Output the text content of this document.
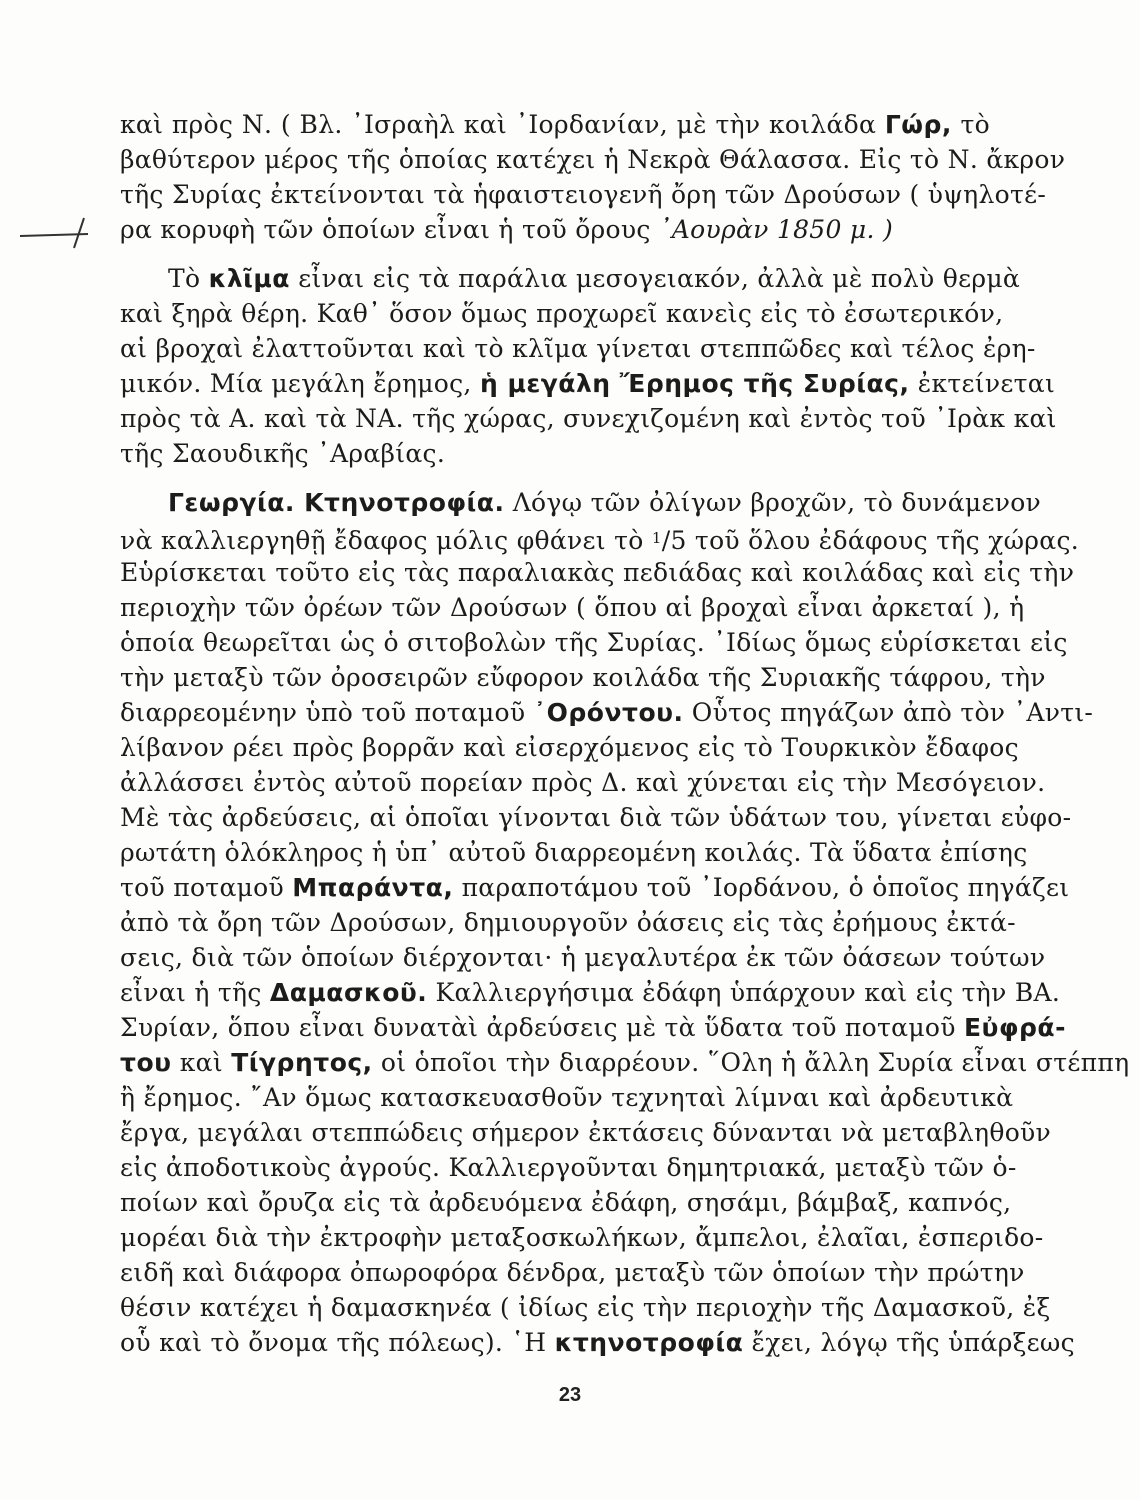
καὶ πρὸς Ν. ( Βλ. ᾽Ισραὴλ καὶ ᾽Ιορδανίαν, μὲ τὴν κοιλάδα Γώρ, τὸ
βαθύτερον μέρος τῆς ὁποίας κατέχει ἡ Νεκρὰ Θάλασσα. Εἰς τὸ Ν. ἄκρον
τῆς Συρίας ἐκτείνονται τὰ ἡφαιστειογενῆ ὄρη τῶν Δρούσων ( ὑψηλοτέ-
ρα κορυφὴ τῶν ὁποίων εἶναι ἡ τοῦ ὄρους ᾽Αουρὰν 1850 μ. )
Τὸ κλῖμα εἶναι εἰς τὰ παράλια μεσογειακόν, ἀλλὰ μὲ πολὺ θερμὰ
καὶ ξηρὰ θέρη. Καθ᾽ ὅσον ὅμως προχωρεῖ κανεὶς εἰς τὸ ἐσωτερικόν,
αἱ βροχαὶ ἐλαττοῦνται καὶ τὸ κλῖμα γίνεται στεππῶδες καὶ τέλος ἐρη-
μικόν. Μία μεγάλη ἔρημος, ἡ μεγάλη Ἔρημος τῆς Συρίας, ἐκτείνεται
πρὸς τὰ Α. καὶ τὰ ΝΑ. τῆς χώρας, συνεχιζομένη καὶ ἐντὸς τοῦ ᾽Ιρὰκ καὶ
τῆς Σαουδικῆς ᾽Αραβίας.
Γεωργία. Κτηνοτροφία. Λόγῳ τῶν ὀλίγων βροχῶν, τὸ δυνάμενον
νὰ καλλιεργηθῇ ἔδαφος μόλις φθάνει τὸ $^1$/5 τοῦ ὅλου ἐδάφους τῆς χώρας.
Εὑρίσκεται τοῦτο εἰς τὰς παραλιακὰς πεδιάδας καὶ κοιλάδας καὶ εἰς τὴν
περιοχὴν τῶν ὀρέων τῶν Δρούσων ( ὅπου αἱ βροχαὶ εἶναι ἀρκεταί ), ἡ
ὁποία θεωρεῖται ὡς ὁ σιτοβολὼν τῆς Συρίας. ᾽Ιδίως ὅμως εὑρίσκεται εἰς
τὴν μεταξὺ τῶν ὀροσειρῶν εὔφορον κοιλάδα τῆς Συριακῆς τάφρου, τὴν
διαρρεομένην ὑπὸ τοῦ ποταμοῦ ᾽Ορόντου. Οὗτος πηγάζων ἀπὸ τὸν ᾽Αντι-
λίβανον ρέει πρὸς βορρᾶν καὶ εἰσερχόμενος εἰς τὸ Τουρκικὸν ἔδαφος
ἀλλάσσει ἐντὸς αὐτοῦ πορείαν πρὸς Δ. καὶ χύνεται εἰς τὴν Μεσόγειον.
Μὲ τὰς ἀρδεύσεις, αἱ ὁποῖαι γίνονται διὰ τῶν ὑδάτων του, γίνεται εὐφο-
ρωτάτη ὁλόκληρος ἡ ὑπ᾽ αὐτοῦ διαρρεομένη κοιλάς. Τὰ ὕδατα ἐπίσης
τοῦ ποταμοῦ Μπαράντα, παραποτάμου τοῦ ᾽Ιορδάνου, ὁ ὁποῖος πηγάζει
ἀπὸ τὰ ὄρη τῶν Δρούσων, δημιουργοῦν ὀάσεις εἰς τὰς ἐρήμους ἐκτά-
σεις, διὰ τῶν ὁποίων διέρχονται· ἡ μεγαλυτέρα ἐκ τῶν ὀάσεων τούτων
εἶναι ἡ τῆς Δαμασκοῦ. Καλλιεργήσιμα ἐδάφη ὑπάρχουν καὶ εἰς τὴν ΒΑ.
Συρίαν, ὅπου εἶναι δυνατὰὶ ἀρδεύσεις μὲ τὰ ὕδατα τοῦ ποταμοῦ Εὐφρά-
του καὶ Τίγρητος, οἱ ὁποῖοι τὴν διαρρέουν. ῞Ολη ἡ ἄλλη Συρία εἶναι στέππη
ἢ ἔρημος. ῎Αν ὅμως κατασκευασθοῦν τεχνηταὶ λίμναι καὶ ἀρδευτικὰ
ἔργα, μεγάλαι στεππώδεις σήμερον ἐκτάσεις δύνανται νὰ μεταβληθοῦν
εἰς ἀποδοτικοὺς ἀγρούς. Καλλιεργοῦνται δημητριακά, μεταξὺ τῶν ὁ-
ποίων καὶ ὄρυζα εἰς τὰ ἀρδευόμενα ἐδάφη, σησάμι, βάμβαξ, καπνός,
μορέαι διὰ τὴν ἐκτροφὴν μεταξοσκωλήκων, ἄμπελοι, ἐλαῖαι, ἐσπεριδο-
ειδῆ καὶ διάφορα ὀπωροφόρα δένδρα, μεταξὺ τῶν ὁποίων τὴν πρώτην
23
θέσιν κατέχει ἡ δαμασκηνέα ( ἰδίως εἰς τὴν περιοχὴν τῆς Δαμασκοῦ, ἐξ
οὗ καὶ τὸ ὄνομα τῆς πόλεως). ῾Η κτηνοτροφία ἔχει, λόγῳ τῆς ὑπάρξεως
